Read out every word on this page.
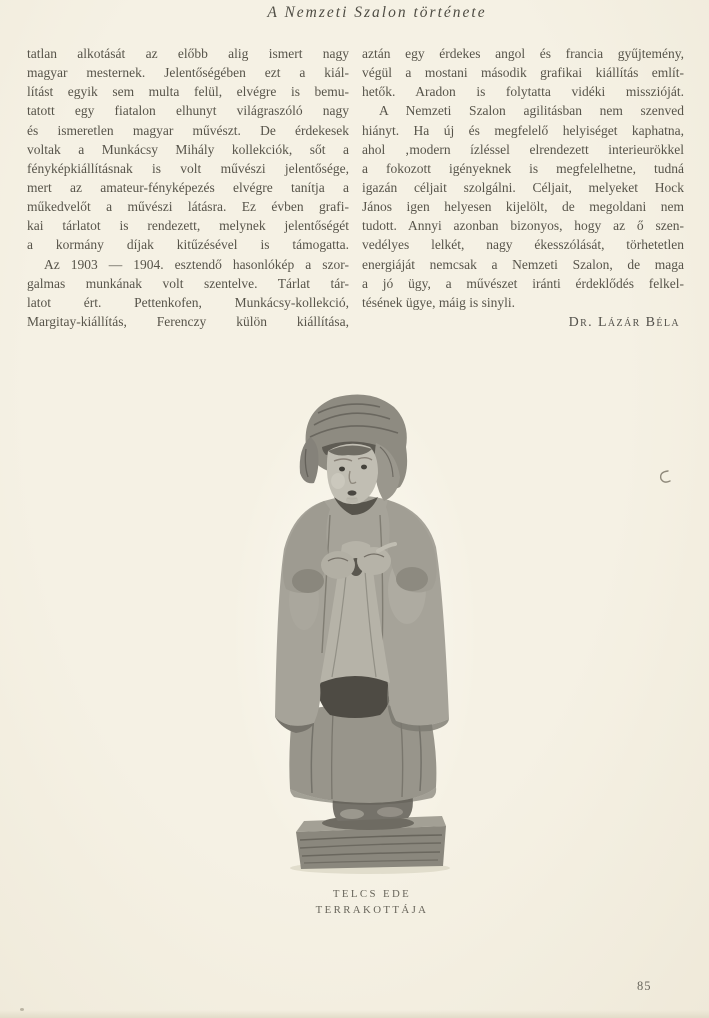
A Nemzeti Szalon története
tatlan alkotását az előbb alig ismert nagy
magyar mesternek. Jelentőségében ezt a kiál-
lítást egyik sem multa felül, elvégre is bemu-
tatott egy fiatalon elhunyt világraszóló nagy
és ismeretlen magyar művészt. De érdekesek
voltak a Munkácsy Mihály kollekciók, sőt a
fényképkiállításnak is volt művészi jelentősége,
mert az amateur-fényképezés elvégre tanítja a
műkedvelőt a művészi látásra. Ez évben grafi-
kai tárlatot is rendezett, melynek jelentőségét
a kormány díjak kitűzésével is támogatta.
Az 1903 — 1904. esztendő hasonlókép a szor-
galmas munkának volt szentelve. Tárlat tár-
latot ért. Pettenkofen, Munkácsy-kollekció,
Margitay-kiállítás, Ferenczy külön kiállítása,
aztán egy érdekes angol és francia gyűjtemény,
végül a mostani második grafikai kiállítás említ-
hetők. Aradon is folytatta vidéki misszióját.
A Nemzeti Szalon agilitásban nem szenved
hiányt. Ha új és megfelelő helyiséget kaphatna,
ahol ‚modern ízléssel elrendezett interieurökkel
a fokozott igényeknek is megfelelhetne, tudná
igazán céljait szolgálni. Céljait, melyeket Hock
János igen helyesen kijelölt, de megoldani nem
tudott. Annyi azonban bizonyos, hogy az ő szen-
vedélyes lelkét, nagy ékesszólását, törhetetlen
energiáját nemcsak a Nemzeti Szalon, de maga
a jó ügy, a művészet iránti érdeklődés felkel-
tésének ügye, máig is sinyli.
Dr. Lázár Béla
TELCS EDE
TERRAKOTTÁJA
85
